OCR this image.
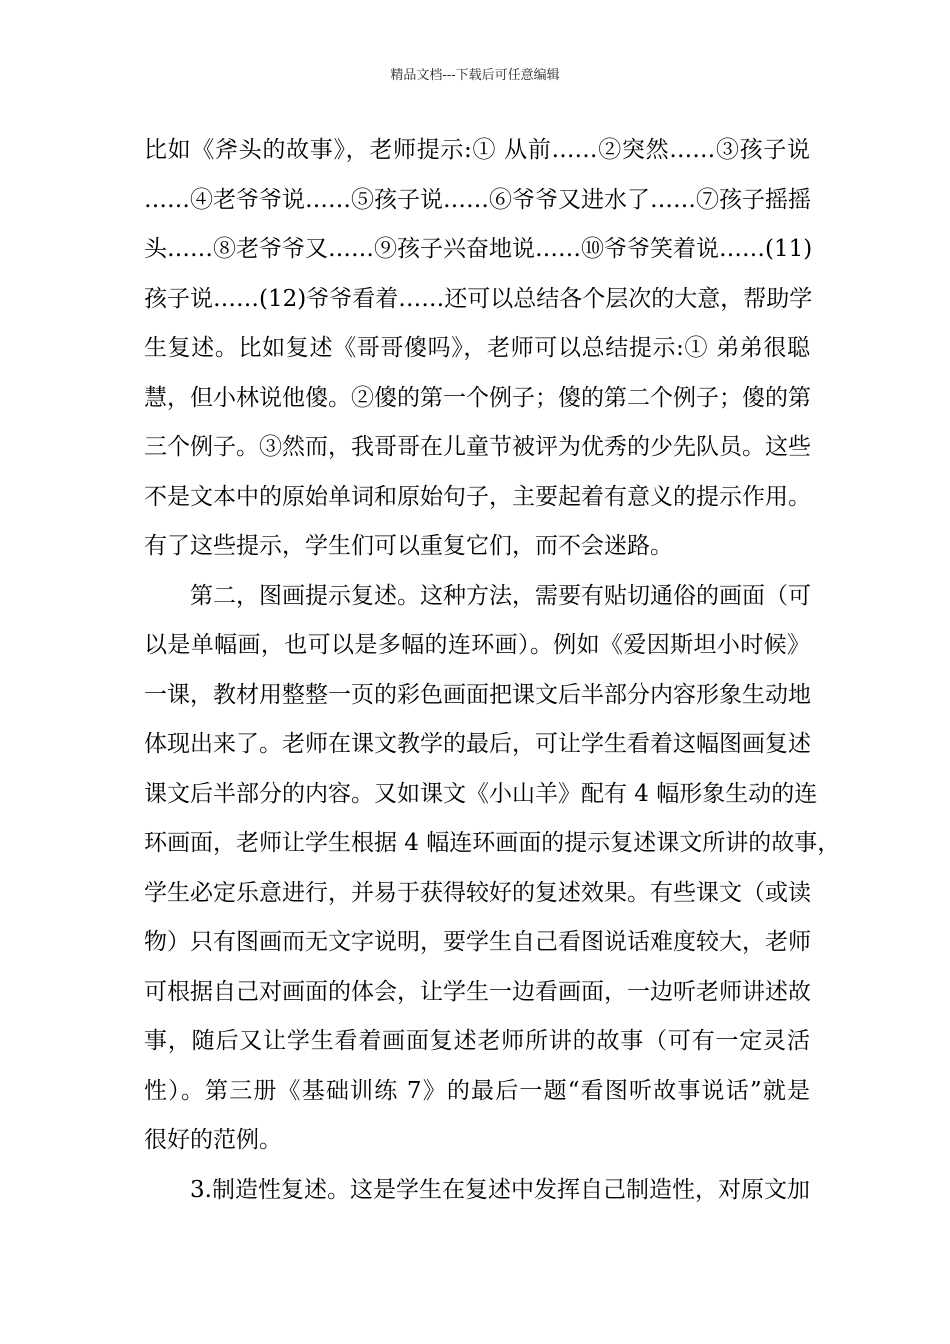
精品文档---下载后可任意编辑
比如《斧头的故事》，老师提示:① 从前……②突然……③孩子说
……④老爷爷说……⑤孩子说……⑥爷爷又进水了……⑦孩子摇摇
头……⑧老爷爷又……⑨孩子兴奋地说……⑩爷爷笑着说……(11)
孩子说……(12)爷爷看着……还可以总结各个层次的大意，帮助学
生复述。比如复述《哥哥傻吗》，老师可以总结提示:① 弟弟很聪
慧，但小林说他傻。②傻的第一个例子；傻的第二个例子；傻的第
三个例子。③然而，我哥哥在儿童节被评为优秀的少先队员。这些
不是文本中的原始单词和原始句子，主要起着有意义的提示作用。
有了这些提示，学生们可以重复它们，而不会迷路。
第二，图画提示复述。这种方法，需要有贴切通俗的画面（可
以是单幅画，也可以是多幅的连环画）。例如《爱因斯坦小时候》
一课，教材用整整一页的彩色画面把课文后半部分内容形象生动地
体现出来了。老师在课文教学的最后，可让学生看着这幅图画复述
课文后半部分的内容。又如课文《小山羊》配有 4 幅形象生动的连
环画面，老师让学生根据 4 幅连环画面的提示复述课文所讲的故事，
学生必定乐意进行，并易于获得较好的复述效果。有些课文（或读
物）只有图画而无文字说明，要学生自己看图说话难度较大，老师
可根据自己对画面的体会，让学生一边看画面，一边听老师讲述故
事，随后又让学生看着画面复述老师所讲的故事（可有一定灵活
性）。第三册《基础训练 7》的最后一题“看图听故事说话”就是
很好的范例。
3.制造性复述。这是学生在复述中发挥自己制造性，对原文加
